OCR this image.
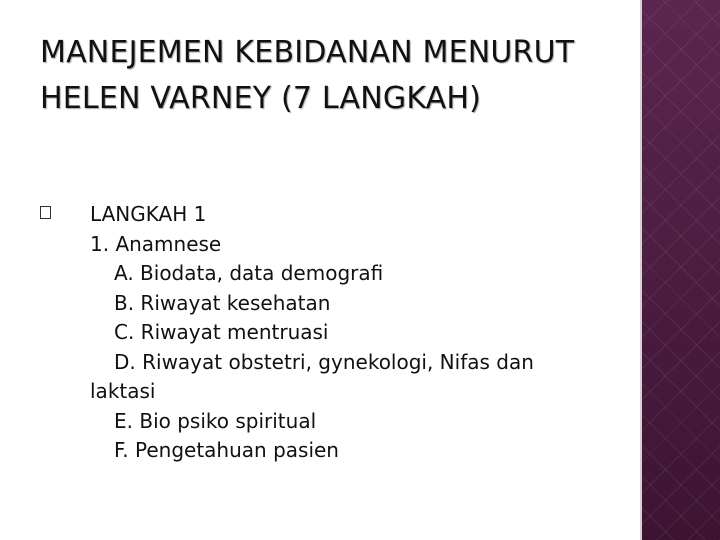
MANEJEMEN KEBIDANAN MENURUT
HELEN VARNEY (7 LANGKAH)
LANGKAH 1
1. Anamnese
A. Biodata, data demografi
B. Riwayat kesehatan
C. Riwayat mentruasi
D. Riwayat obstetri, gynekologi, Nifas dan
laktasi
E. Bio psiko spiritual
F. Pengetahuan pasien
